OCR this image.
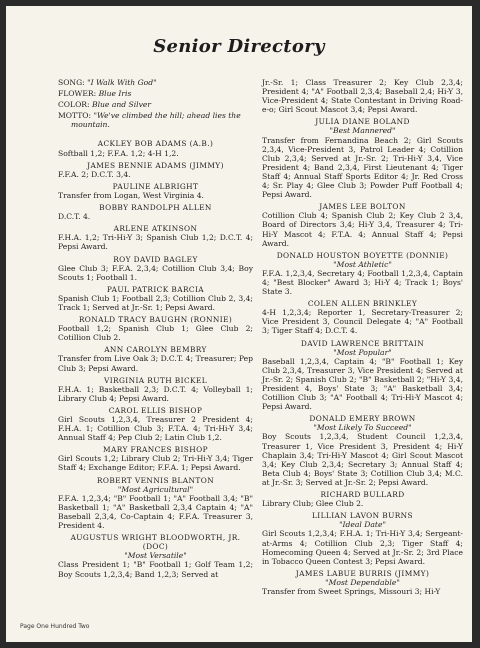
Senior Directory
SONG: "I Walk With God"
FLOWER: Blue Iris
COLOR: Blue and Silver
MOTTO: "We've climbed the hill; ahead lies the mountain.
ACKLEY BOB ADAMS (A.B.)
Softball 1,2; F.F.A. 1,2; 4-H 1,2.
JAMES BENNIE ADAMS (JIMMY)
F.F.A. 2; D.C.T. 3,4.
PAULINE ALBRIGHT
Transfer from Logan, West Virginia 4.
BOBBY RANDOLPH ALLEN
D.C.T. 4.
ARLENE ATKINSON
F.H.A. 1,2; Tri-Hi-Y 3; Spanish Club 1,2; D.C.T. 4; Pepsi Award.
ROY DAVID BAGLEY
Glee Club 3; F.F.A. 2,3,4; Cotillion Club 3,4; Boy Scouts 1; Football 1.
PAUL PATRICK BARCIA
Spanish Club 1; Football 2,3; Cotillion Club 2, 3,4; Track 1; Served at Jr.-Sr. 1; Pepsi Award.
RONALD TRACY BAUGHN (RONNIE)
Football 1,2; Spanish Club 1; Glee Club 2; Cotillion Club 2.
ANN CAROLYN BEMBRY
Transfer from Live Oak 3; D.C.T. 4; Treasurer; Pep Club 3; Pepsi Award.
VIRGINIA RUTH BICKEL
F.H.A. 1; Basketball 2,3; D.C.T. 4; Volleyball 1; Library Club 4; Pepsi Award.
CAROL ELLIS BISHOP
Girl Scouts 1,2,3,4, Treasurer 2 President 4; F.H.A. 1; Cotillion Club 3; F.T.A. 4; Tri-Hi-Y 3,4; Annual Staff 4; Pep Club 2; Latin Club 1,2.
MARY FRANCES BISHOP
Girl Scouts 1,2; Library Club 2; Tri-Hi-Y 3,4; Tiger Staff 4; Exchange Editor; F.F.A. 1; Pepsi Award.
ROBERT VENNIS BLANTON
"Most Agricultural"
F.F.A. 1,2,3,4; "B" Football 1; "A" Football 3,4; "B" Basketball 1; "A" Basketball 2,3,4 Captain 4; "A" Baseball 2,3,4, Co-Captain 4; F.F.A. Treasurer 3, President 4.
AUGUSTUS WRIGHT BLOODWORTH, JR. (DOC)
"Most Versatile"
Class President 1; "B" Football 1; Golf Team 1,2; Boy Scouts 1,2,3,4; Band 1,2,3; Served at
Jr.-Sr. 1; Class Treasurer 2; Key Club 2,3,4; President 4; "A" Football 2,3,4; Baseball 2,4; Hi-Y 3, Vice-President 4; State Contestant in Driving Road-e-o; Girl Scout Mascot 3,4; Pepsi Award.
JULIA DIANE BOLAND
"Best Mannered"
Transfer from Fernandina Beach 2; Girl Scouts 2,3,4, Vice-President 3, Patrol Leader 4; Cotillion Club 2,3,4; Served at Jr.-Sr. 2; Tri-Hi-Y 3,4, Vice President 4; Band 2,3,4, First Lieutenant 4; Tiger Staff 4; Annual Staff Sports Editor 4; Jr. Red Cross 4; Sr. Play 4; Glee Club 3; Powder Puff Football 4; Pepsi Award.
JAMES LEE BOLTON
Cotillion Club 4; Spanish Club 2; Key Club 2 3,4, Board of Directors 3,4; Hi-Y 3,4, Treasurer 4; Tri-Hi-Y Mascot 4; F.T.A. 4; Annual Staff 4; Pepsi Award.
DONALD HOUSTON BOYETTE (DONNIE)
"Most Athletic"
F.F.A. 1,2,3,4, Secretary 4; Football 1,2,3,4, Captain 4; "Best Blocker" Award 3; Hi-Y 4; Track 1; Boys' State 3.
COLEN ALLEN BRINKLEY
4-H 1,2,3,4; Reporter 1, Secretary-Treasurer 2; Vice President 3, Council Delegate 4; "A" Football 3; Tiger Staff 4; D.C.T. 4.
DAVID LAWRENCE BRITTAIN
"Most Popular"
Baseball 1,2,3,4, Captain 4; "B" Football 1; Key Club 2,3,4, Treasurer 3, Vice President 4; Served at Jr.-Sr. 2; Spanish Club 2; "B" Basketball 2; "Hi-Y 3,4, President 4, Boys' State 3; "A" Basketball 3,4; Cotillion Club 3; "A" Football 4; Tri-Hi-Y Mascot 4; Pepsi Award.
DONALD EMERY BROWN
"Most Likely To Succeed"
Boy Scouts 1,2,3,4, Student Council 1,2,3,4, Treasurer 1, Vice President 3, President 4; Hi-Y Chaplain 3,4; Tri-Hi-Y Mascot 4; Girl Scout Mascot 3,4; Key Club 2,3,4; Secretary 3; Annual Staff 4; Beta Club 4; Boys' State 3; Cotillion Club 3,4; M.C. at Jr.-Sr. 3; Served at Jr.-Sr. 2; Pepsi Award.
RICHARD BULLARD
Library Club; Glee Club 2.
LILLIAN LAVON BURNS
"Ideal Date"
Girl Scouts 1,2,3,4; F.H.A. 1; Tri-Hi-Y 3,4; Sergeant-at-Arms 4; Cotillion Club 2,3; Tiger Staff 4; Homecoming Queen 4; Served at Jr.-Sr. 2; 3rd Place in Tobacco Queen Contest 3; Pepsi Award.
JAMES LABUE BURRIS (JIMMY)
"Most Dependable"
Transfer from Sweet Springs, Missouri 3; Hi-Y
Page One Hundred Two
